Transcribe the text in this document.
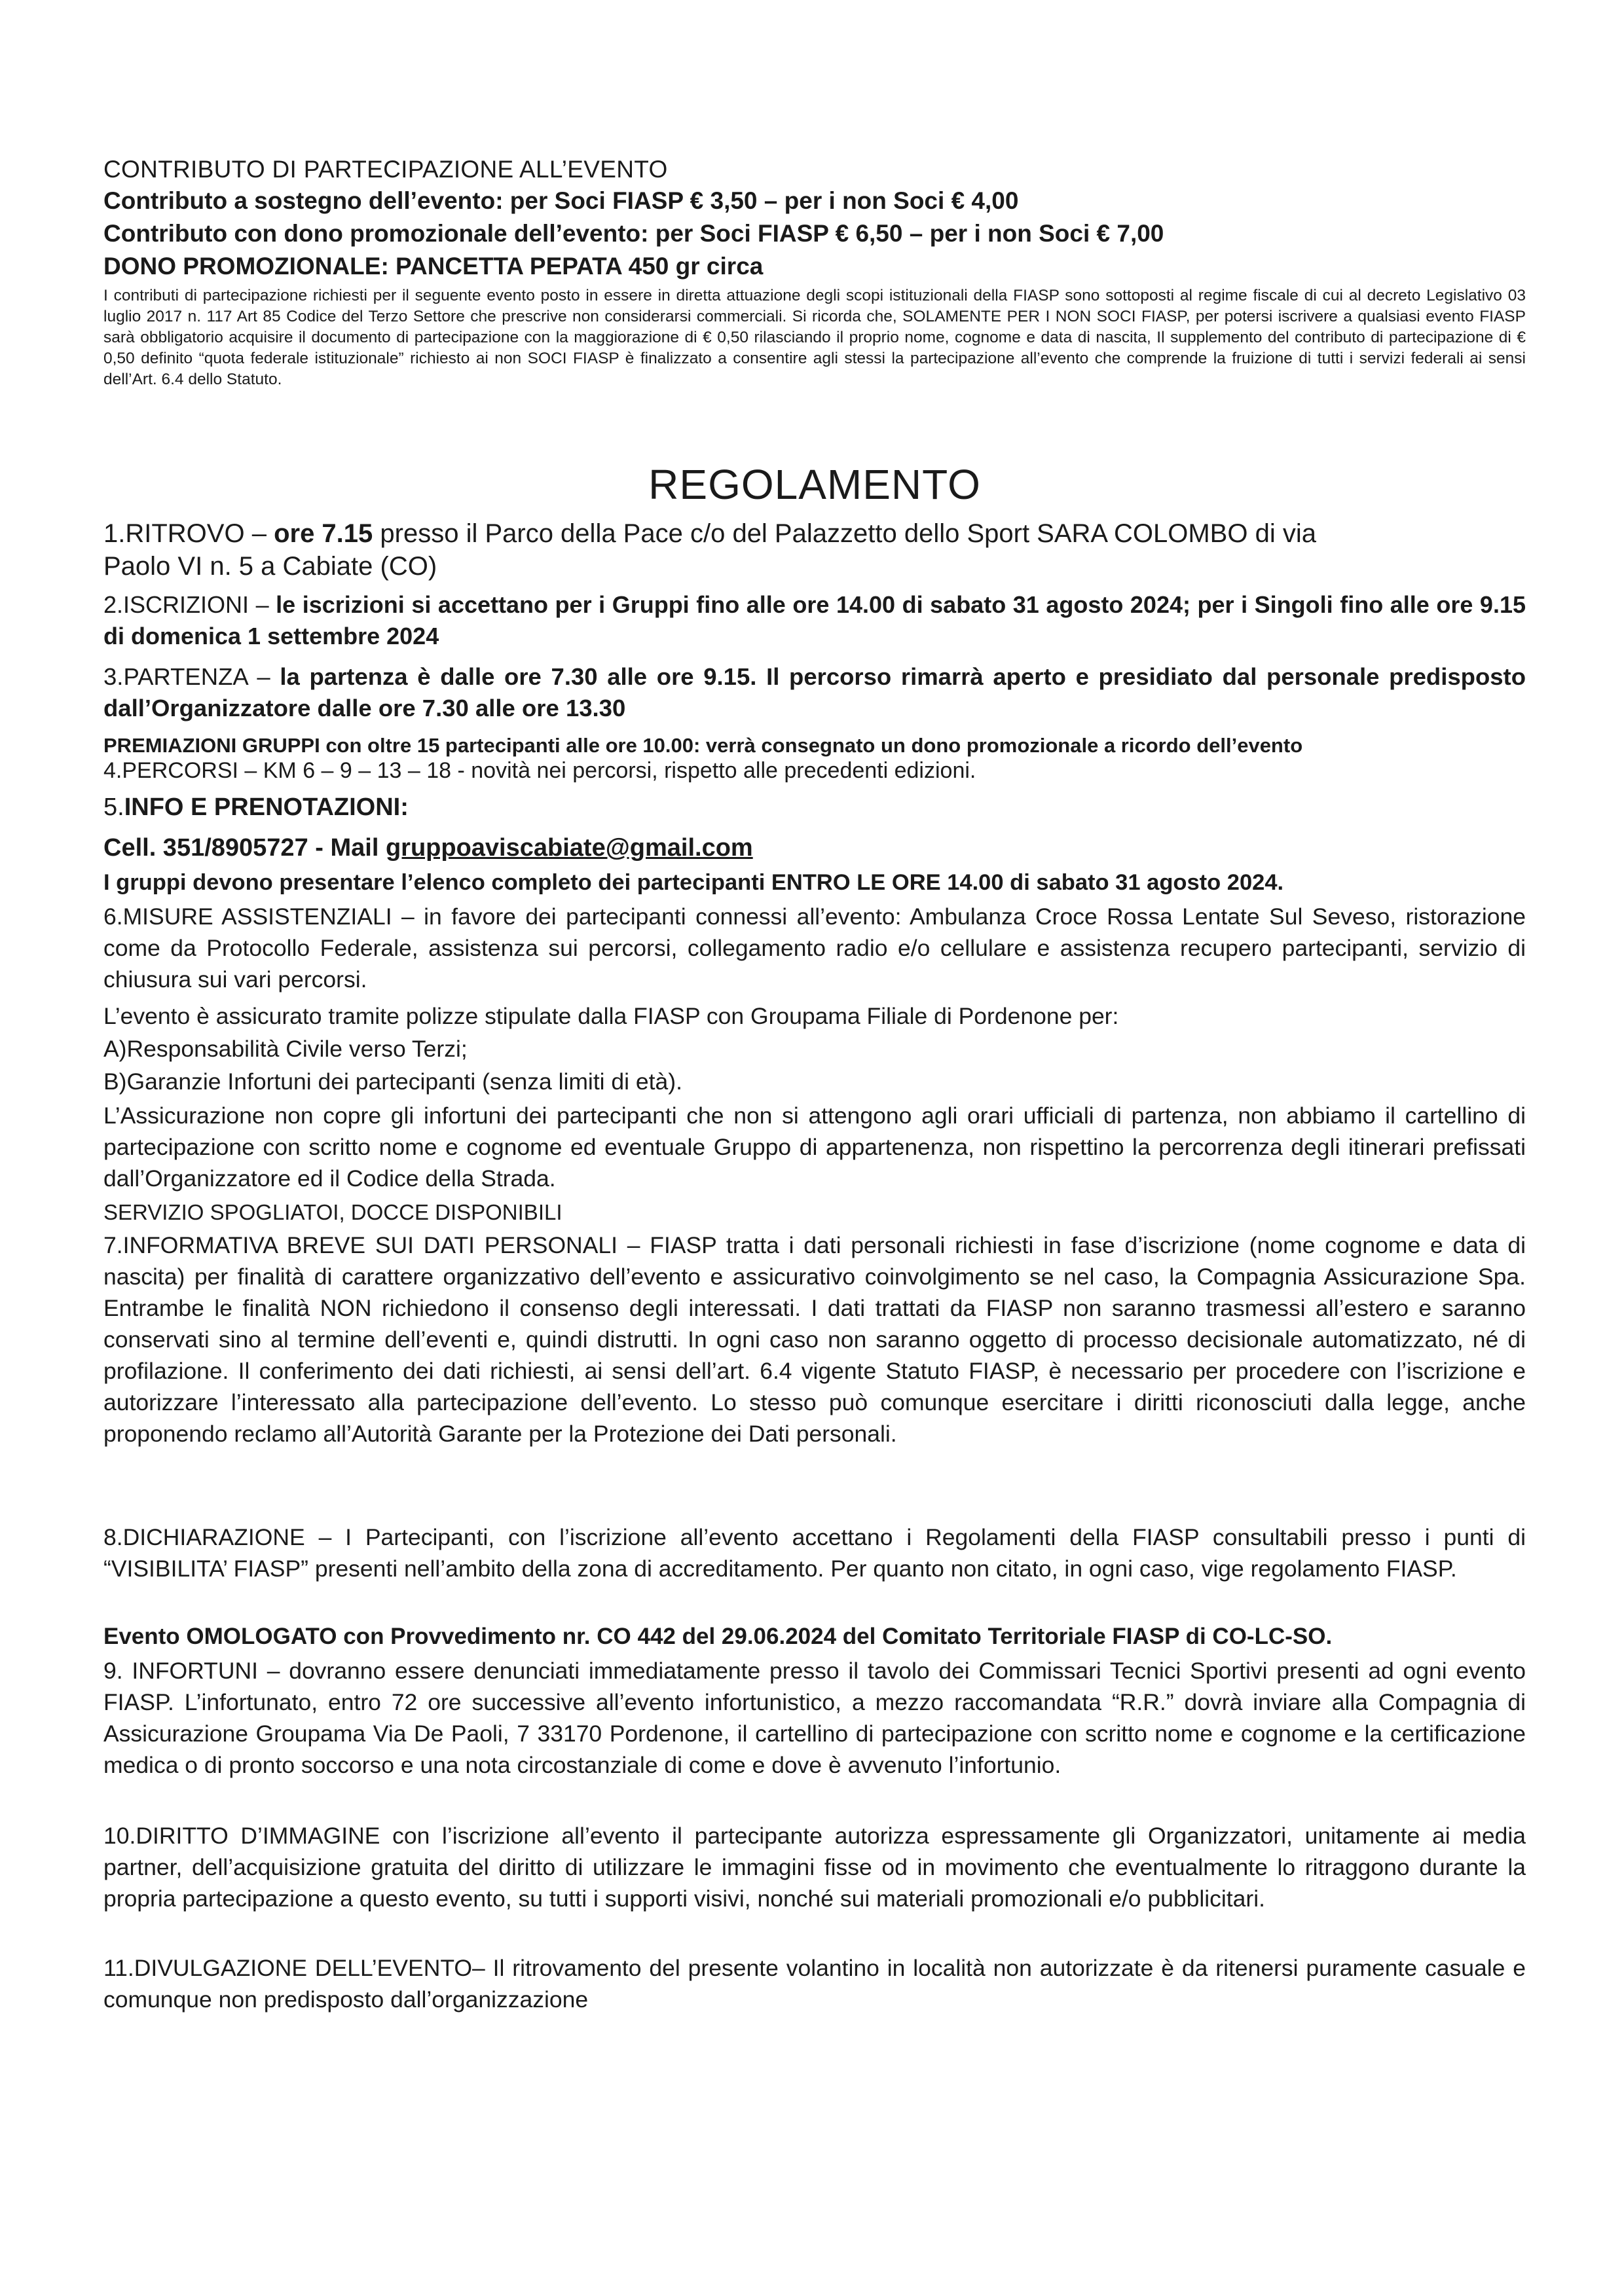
CONTRIBUTO DI PARTECIPAZIONE ALL’EVENTO
Contributo a sostegno dell’evento: per Soci FIASP € 3,50 – per i non Soci € 4,00
Contributo con dono promozionale dell’evento: per Soci FIASP € 6,50 – per i non Soci € 7,00
DONO PROMOZIONALE: PANCETTA PEPATA 450 gr circa
I contributi di partecipazione richiesti per il seguente evento posto in essere in diretta attuazione degli scopi istituzionali della FIASP sono sottoposti al regime fiscale di cui al decreto Legislativo 03 luglio 2017 n. 117 Art 85 Codice del Terzo Settore che prescrive non considerarsi commerciali. Si ricorda che, SOLAMENTE PER I NON SOCI FIASP, per potersi iscrivere a qualsiasi evento FIASP sarà obbligatorio acquisire il documento di partecipazione con la maggiorazione di € 0,50 rilasciando il proprio nome, cognome e data di nascita, Il supplemento del contributo di partecipazione di € 0,50 definito “quota federale istituzionale” richiesto ai non SOCI FIASP è finalizzato a consentire agli stessi la partecipazione all’evento che comprende la fruizione di tutti i servizi federali ai sensi dell’Art. 6.4 dello Statuto.
REGOLAMENTO
1.RITROVO – ore 7.15 presso il Parco della Pace c/o del Palazzetto dello Sport SARA COLOMBO di via Paolo VI n. 5 a Cabiate (CO)
2.ISCRIZIONI – le iscrizioni si accettano per i Gruppi fino alle ore 14.00 di sabato 31 agosto 2024; per i Singoli fino alle ore 9.15 di domenica 1 settembre 2024
3.PARTENZA – la partenza è dalle ore 7.30 alle ore 9.15. Il percorso rimarrà aperto e presidiato dal personale predisposto dall’Organizzatore dalle ore 7.30 alle ore 13.30
PREMIAZIONI GRUPPI con oltre 15 partecipanti alle ore 10.00: verrà consegnato un dono promozionale a ricordo dell’evento
4.PERCORSI – KM 6 – 9 – 13 – 18 - novità nei percorsi, rispetto alle precedenti edizioni.
5.INFO E PRENOTAZIONI:
Cell. 351/8905727 - Mail gruppoaviscabiate@gmail.com
I gruppi devono presentare l’elenco completo dei partecipanti ENTRO LE ORE 14.00 di sabato 31 agosto 2024.
6.MISURE ASSISTENZIALI – in favore dei partecipanti connessi all’evento: Ambulanza Croce Rossa Lentate Sul Seveso, ristorazione come da Protocollo Federale, assistenza sui percorsi, collegamento radio e/o cellulare e assistenza recupero partecipanti, servizio di chiusura sui vari percorsi.
L’evento è assicurato tramite polizze stipulate dalla FIASP con Groupama Filiale di Pordenone per:
A)Responsabilità Civile verso Terzi;
B)Garanzie Infortuni dei partecipanti (senza limiti di età).
L’Assicurazione non copre gli infortuni dei partecipanti che non si attengono agli orari ufficiali di partenza, non abbiamo il cartellino di partecipazione con scritto nome e cognome ed eventuale Gruppo di appartenenza, non rispettino la percorrenza degli itinerari prefissati dall’Organizzatore ed il Codice della Strada.
SERVIZIO SPOGLIATOI, DOCCE DISPONIBILI
7.INFORMATIVA BREVE SUI DATI PERSONALI – FIASP tratta i dati personali richiesti in fase d’iscrizione (nome cognome e data di nascita) per finalità di carattere organizzativo dell’evento e assicurativo coinvolgimento se nel caso, la Compagnia Assicurazione Spa. Entrambe le finalità NON richiedono il consenso degli interessati. I dati trattati da FIASP non saranno trasmessi all’estero e saranno conservati sino al termine dell’eventi e, quindi distrutti. In ogni caso non saranno oggetto di processo decisionale automatizzato, né di profilazione. Il conferimento dei dati richiesti, ai sensi dell’art. 6.4 vigente Statuto FIASP, è necessario per procedere con l’iscrizione e autorizzare l’interessato alla partecipazione dell’evento. Lo stesso può comunque esercitare i diritti riconosciuti dalla legge, anche proponendo reclamo all’Autorità Garante per la Protezione dei Dati personali.
8.DICHIARAZIONE – I Partecipanti, con l’iscrizione all’evento accettano i Regolamenti della FIASP consultabili presso i punti di “VISIBILITA’ FIASP” presenti nell’ambito della zona di accreditamento. Per quanto non citato, in ogni caso, vige regolamento FIASP.
Evento OMOLOGATO con Provvedimento nr. CO 442 del 29.06.2024 del Comitato Territoriale FIASP di CO-LC-SO.
9. INFORTUNI – dovranno essere denunciati immediatamente presso il tavolo dei Commissari Tecnici Sportivi presenti ad ogni evento FIASP. L’infortunato, entro 72 ore successive all’evento infortunistico, a mezzo raccomandata “R.R.” dovrà inviare alla Compagnia di Assicurazione Groupama Via De Paoli, 7 33170 Pordenone, il cartellino di partecipazione con scritto nome e cognome e la certificazione medica o di pronto soccorso e una nota circostanziale di come e dove è avvenuto l’infortunio.
10.DIRITTO D’IMMAGINE con l’iscrizione all’evento il partecipante autorizza espressamente gli Organizzatori, unitamente ai media partner, dell’acquisizione gratuita del diritto di utilizzare le immagini fisse od in movimento che eventualmente lo ritraggono durante la propria partecipazione a questo evento, su tutti i supporti visivi, nonché sui materiali promozionali e/o pubblicitari.
11.DIVULGAZIONE DELL’EVENTO– Il ritrovamento del presente volantino in località non autorizzate è da ritenersi puramente casuale e comunque non predisposto dall’organizzazione
